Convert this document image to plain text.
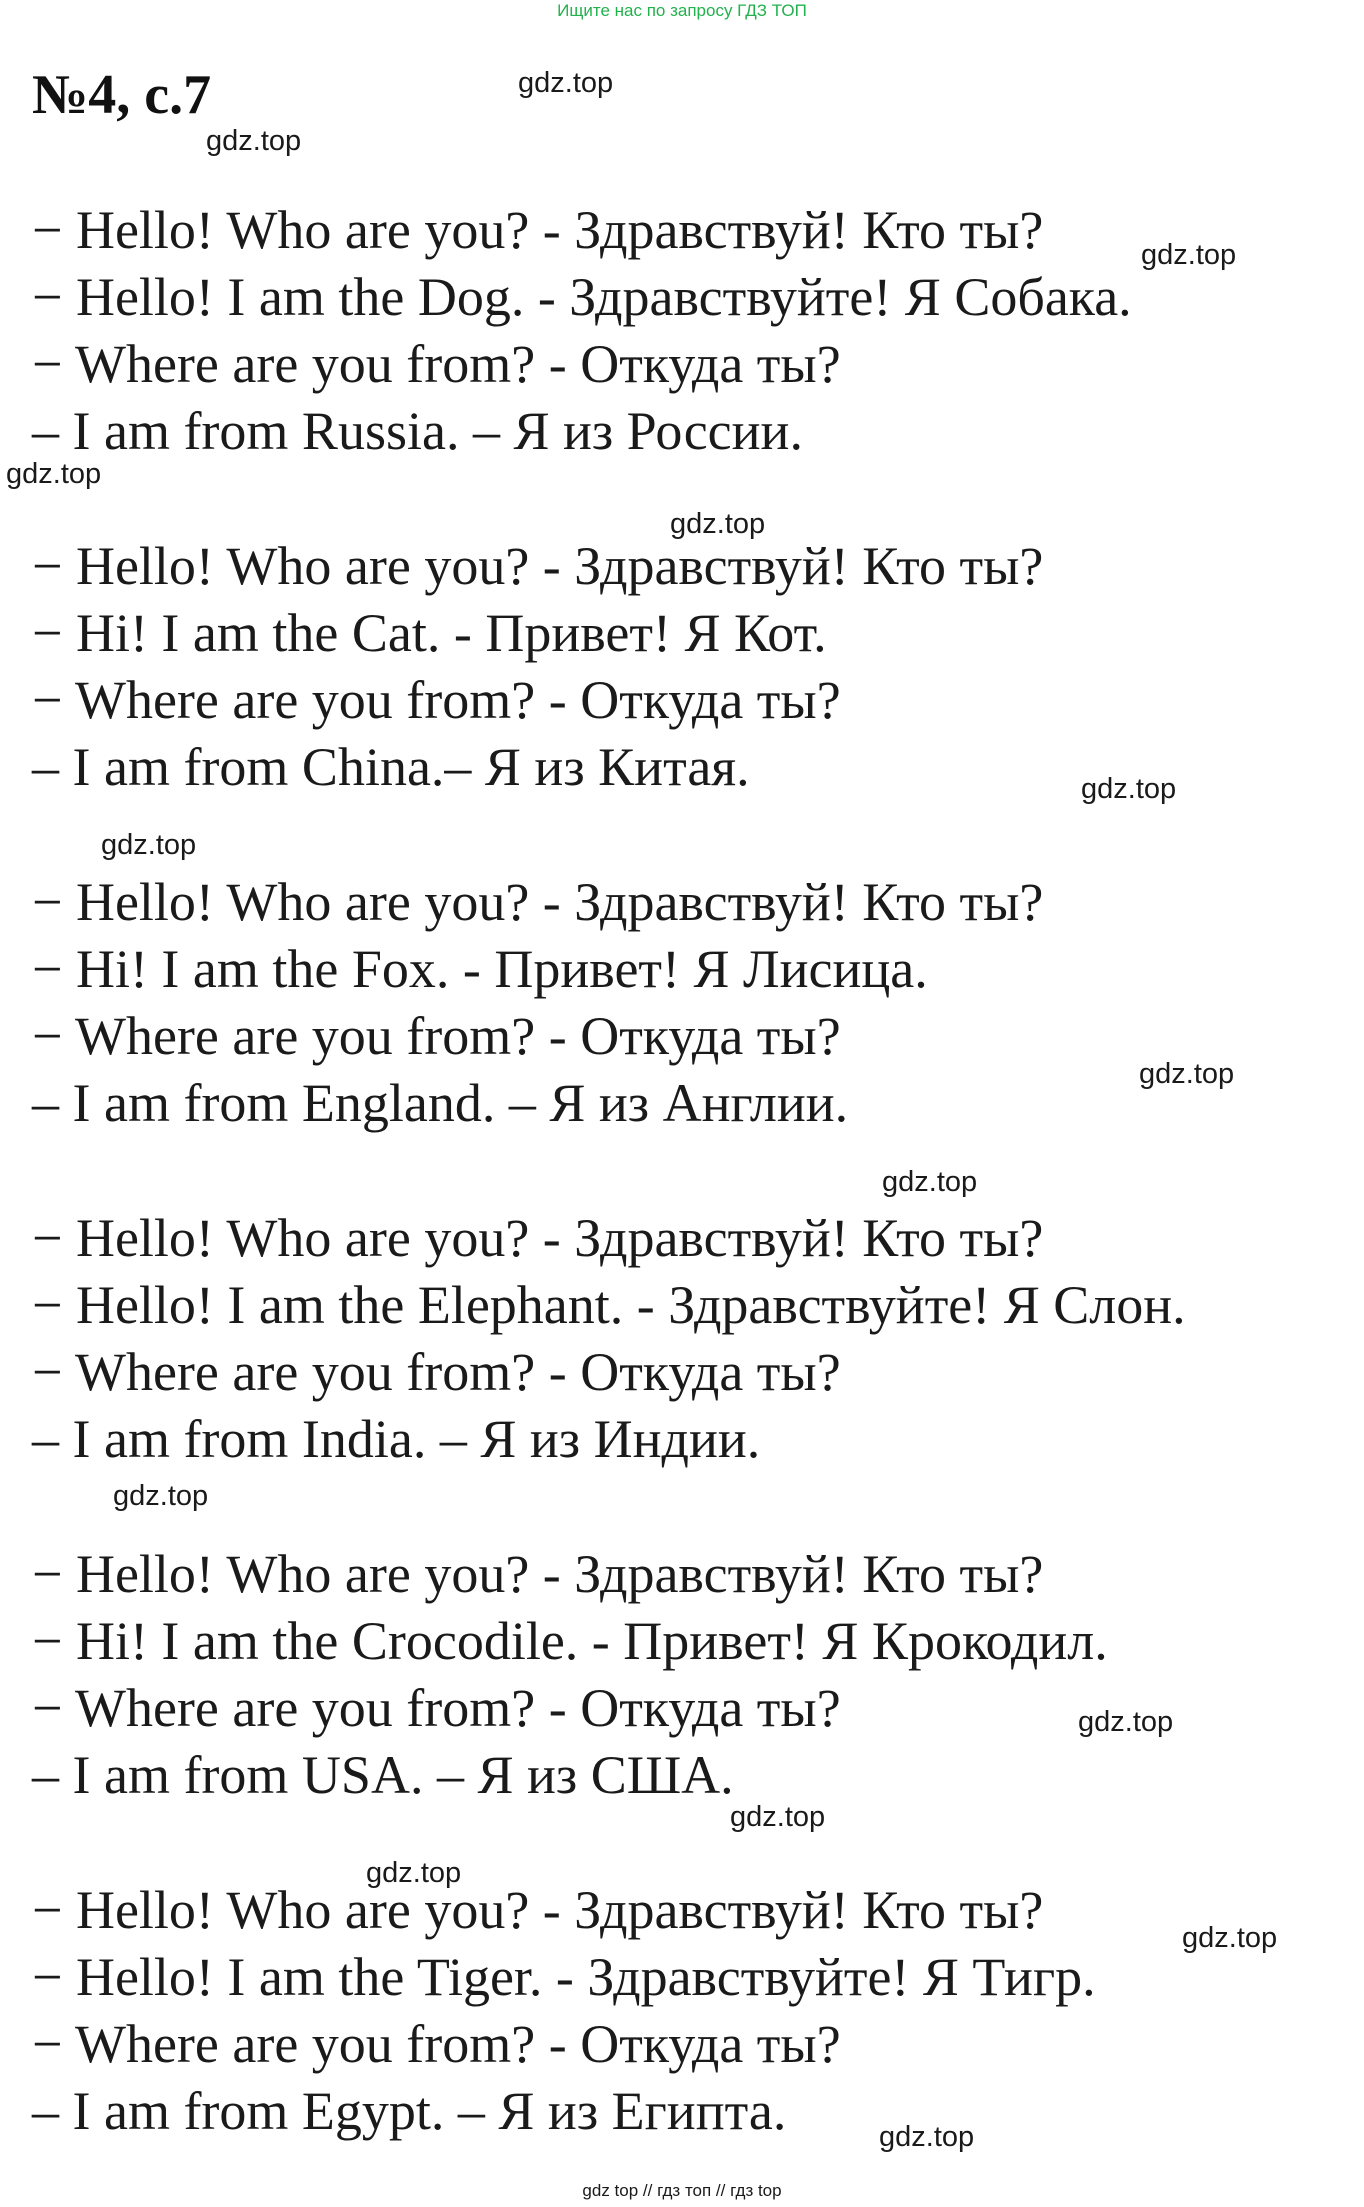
Ищите нас по запросу ГДЗ ТОП
№4, с.7
− Hello! Who are you? - Здравствуй! Кто ты?
− Hello! I am the Dog. - Здравствуйте! Я Собака.
− Where are you from? - Откуда ты?
– I am from Russia. – Я из России.
− Hello! Who are you? - Здравствуй! Кто ты?
− Hi! I am the Cat. - Привет! Я Кот.
− Where are you from? - Откуда ты?
– I am from China.– Я из Китая.
− Hello! Who are you? - Здравствуй! Кто ты?
− Hi! I am the Fox. - Привет! Я Лисица.
− Where are you from? - Откуда ты?
– I am from England. – Я из Англии.
− Hello! Who are you? - Здравствуй! Кто ты?
− Hello! I am the Elephant. - Здравствуйте! Я Слон.
− Where are you from? - Откуда ты?
– I am from India. – Я из Индии.
− Hello! Who are you? - Здравствуй! Кто ты?
− Hi! I am the Crocodile. - Привет! Я Крокодил.
− Where are you from? - Откуда ты?
– I am from USA. – Я из США.
− Hello! Who are you? - Здравствуй! Кто ты?
− Hello! I am the Tiger. - Здравствуйте! Я Тигр.
− Where are you from? - Откуда ты?
– I am from Egypt. – Я из Египта.
gdz.top
gdz.top
gdz.top
gdz.top
gdz.top
gdz.top
gdz.top
gdz.top
gdz.top
gdz.top
gdz.top
gdz.top
gdz.top
gdz.top
gdz.top
gdz top // гдз топ // гдз top
